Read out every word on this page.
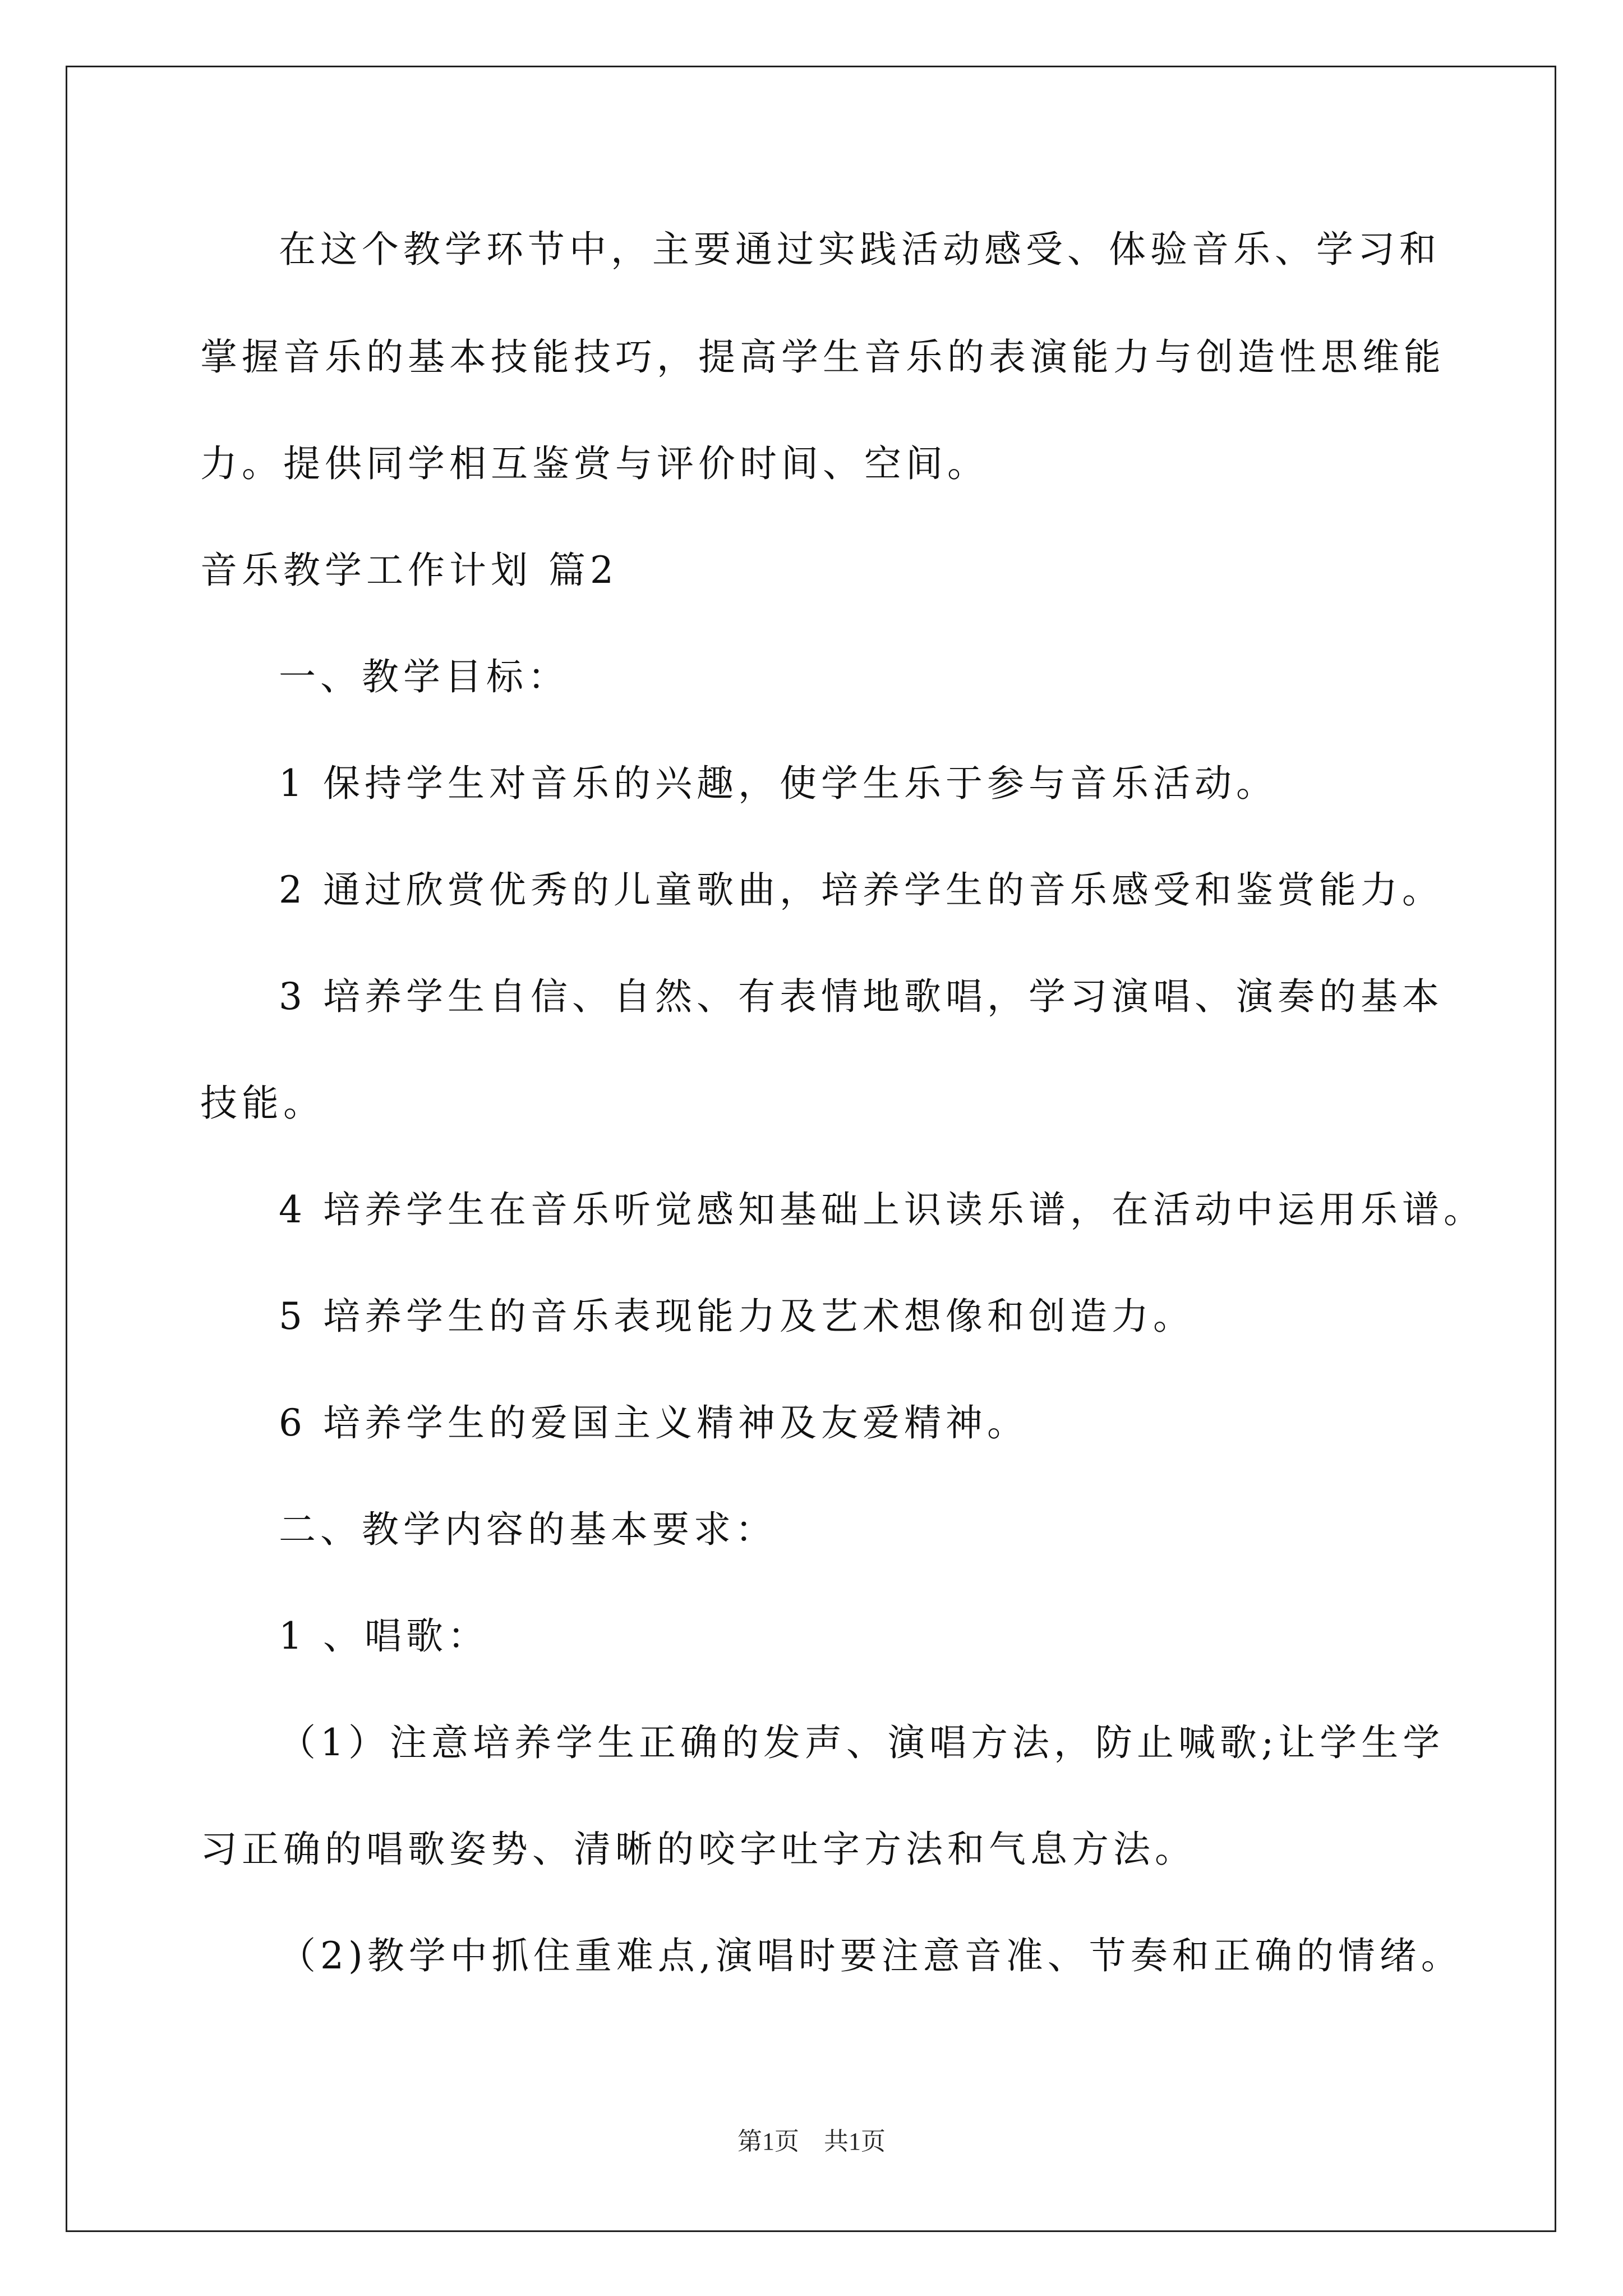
在这个教学环节中，主要通过实践活动感受、体验音乐、学习和
掌握音乐的基本技能技巧，提高学生音乐的表演能力与创造性思维能
力。提供同学相互鉴赏与评价时间、空间。
音乐教学工作计划 篇2
一、教学目标：
1 保持学生对音乐的兴趣，使学生乐于参与音乐活动。
2 通过欣赏优秀的儿童歌曲，培养学生的音乐感受和鉴赏能力。
3 培养学生自信、自然、有表情地歌唱，学习演唱、演奏的基本
技能。
4 培养学生在音乐听觉感知基础上识读乐谱，在活动中运用乐谱。
5 培养学生的音乐表现能力及艺术想像和创造力。
6 培养学生的爱国主义精神及友爱精神。
二、教学内容的基本要求：
1 、唱歌：
（1）注意培养学生正确的发声、演唱方法，防止喊歌;让学生学
习正确的唱歌姿势、清晰的咬字吐字方法和气息方法。
（2)教学中抓住重难点,演唱时要注意音准、节奏和正确的情绪。
第1页　共1页
